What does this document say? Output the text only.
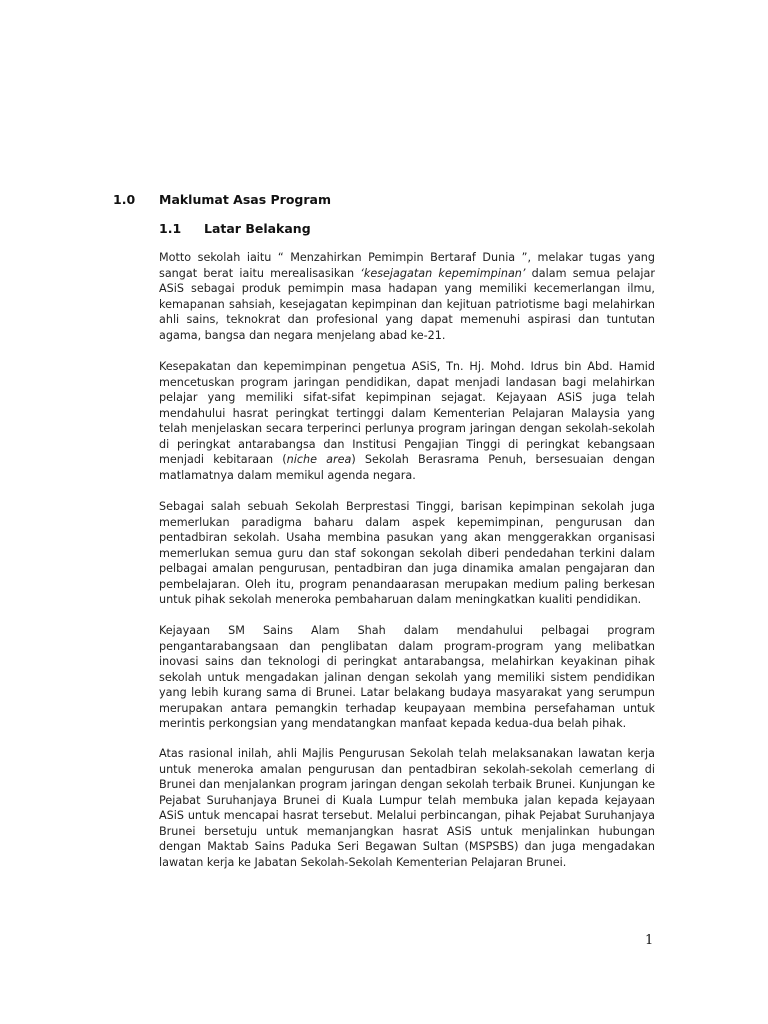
1.0 Maklumat Asas Program
1.1 Latar Belakang

Motto sekolah iaitu “ Menzahirkan Pemimpin Bertaraf Dunia ”, melakar tugas yang sangat berat iaitu merealisasikan ‘kesejagatan kepemimpinan’ dalam semua pelajar ASiS sebagai produk pemimpin masa hadapan yang memiliki kecemerlangan ilmu, kemapanan sahsiah, kesejagatan kepimpinan dan kejituan patriotisme bagi melahirkan ahli sains, teknokrat dan profesional yang dapat memenuhi aspirasi dan tuntutan agama, bangsa dan negara menjelang abad ke-21.

Kesepakatan dan kepemimpinan pengetua ASiS, Tn. Hj. Mohd. Idrus bin Abd. Hamid mencetuskan program jaringan pendidikan, dapat menjadi landasan bagi melahirkan pelajar yang memiliki sifat-sifat kepimpinan sejagat. Kejayaan ASiS juga telah mendahului hasrat peringkat tertinggi dalam Kementerian Pelajaran Malaysia yang telah menjelaskan secara terperinci perlunya program jaringan dengan sekolah-sekolah di peringkat antarabangsa dan Institusi Pengajian Tinggi di peringkat kebangsaan menjadi kebitaraan (niche area) Sekolah Berasrama Penuh, bersesuaian dengan matlamatnya dalam memikul agenda negara.

Sebagai salah sebuah Sekolah Berprestasi Tinggi, barisan kepimpinan sekolah juga memerlukan paradigma baharu dalam aspek kepemimpinan, pengurusan dan pentadbiran sekolah. Usaha membina pasukan yang akan menggerakkan organisasi memerlukan semua guru dan staf sokongan sekolah diberi pendedahan terkini dalam pelbagai amalan pengurusan, pentadbiran dan juga dinamika amalan pengajaran dan pembelajaran. Oleh itu, program penandaarasan merupakan medium paling berkesan untuk pihak sekolah meneroka pembaharuan dalam meningkatkan kualiti pendidikan.

Kejayaan SM Sains Alam Shah dalam mendahului pelbagai program pengantarabangsaan dan penglibatan dalam program-program yang melibatkan inovasi sains dan teknologi di peringkat antarabangsa, melahirkan keyakinan pihak sekolah untuk mengadakan jalinan dengan sekolah yang memiliki sistem pendidikan yang lebih kurang sama di Brunei. Latar belakang budaya masyarakat yang serumpun merupakan antara pemangkin terhadap keupayaan membina persefahaman untuk merintis perkongsian yang mendatangkan manfaat kepada kedua-dua belah pihak.

Atas rasional inilah, ahli Majlis Pengurusan Sekolah telah melaksanakan lawatan kerja untuk meneroka amalan pengurusan dan pentadbiran sekolah-sekolah cemerlang di Brunei dan menjalankan program jaringan dengan sekolah terbaik Brunei. Kunjungan ke Pejabat Suruhanjaya Brunei di Kuala Lumpur telah membuka jalan kepada kejayaan ASiS untuk mencapai hasrat tersebut. Melalui perbincangan, pihak Pejabat Suruhanjaya Brunei bersetuju untuk memanjangkan hasrat ASiS untuk menjalinkan hubungan dengan Maktab Sains Paduka Seri Begawan Sultan (MSPSBS) dan juga mengadakan lawatan kerja ke Jabatan Sekolah-Sekolah Kementerian Pelajaran Brunei.

1
